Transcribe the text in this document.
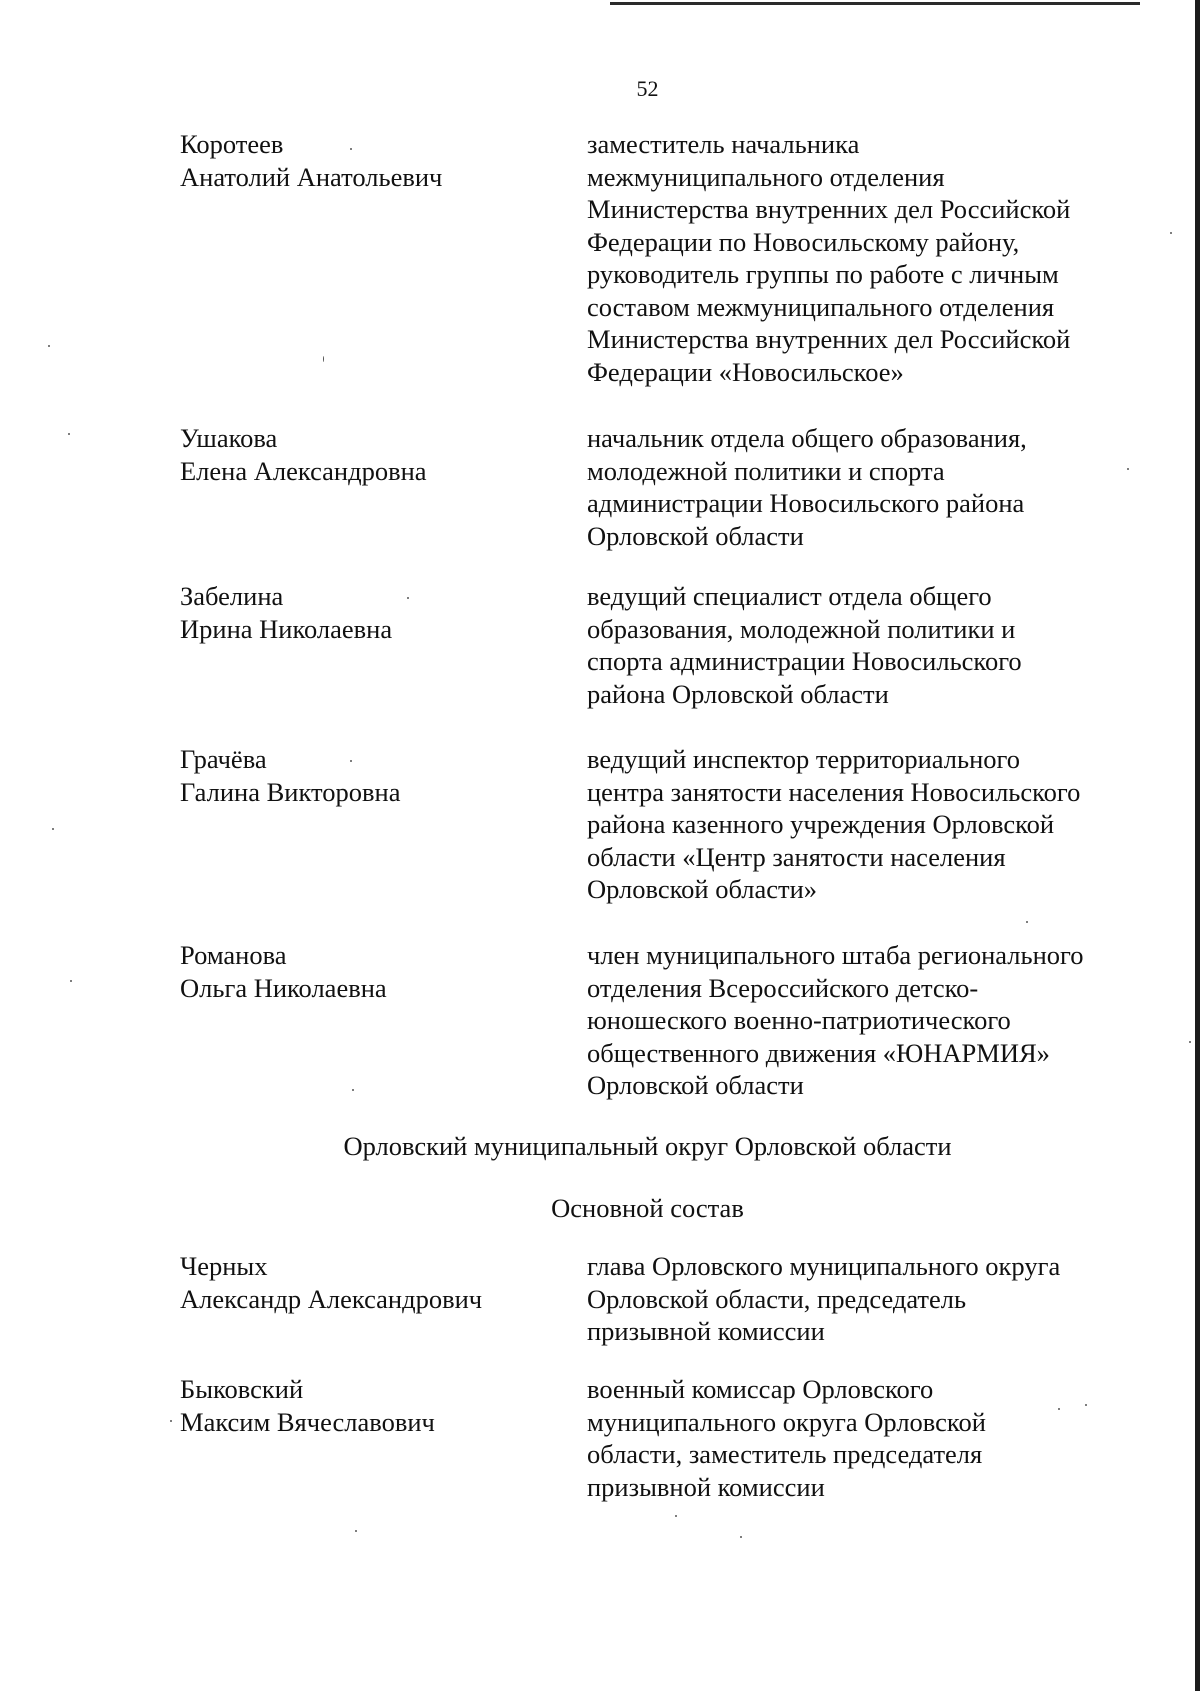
52
Коротеев
Анатолий Анатольевич
заместитель начальника
межмуниципального отделения
Министерства внутренних дел Российской
Федерации по Новосильскому району,
руководитель группы по работе с личным
составом межмуниципального отделения
Министерства внутренних дел Российской
Федерации «Новосильское»
Ушакова
Елена Александровна
начальник отдела общего образования,
молодежной политики и спорта
администрации Новосильского района
Орловской области
Забелина
Ирина Николаевна
ведущий специалист отдела общего
образования, молодежной политики и
спорта администрации Новосильского
района Орловской области
Грачёва
Галина Викторовна
ведущий инспектор территориального
центра занятости населения Новосильского
района казенного учреждения Орловской
области «Центр занятости населения
Орловской области»
Романова
Ольга Николаевна
член муниципального штаба регионального
отделения Всероссийского детско-
юношеского военно-патриотического
общественного движения «ЮНАРМИЯ»
Орловской области
Орловский муниципальный округ Орловской области
Основной состав
Черных
Александр Александрович
глава Орловского муниципального округа
Орловской области, председатель
призывной комиссии
Быковский
Максим Вячеславович
военный комиссар Орловского
муниципального округа Орловской
области, заместитель председателя
призывной комиссии
